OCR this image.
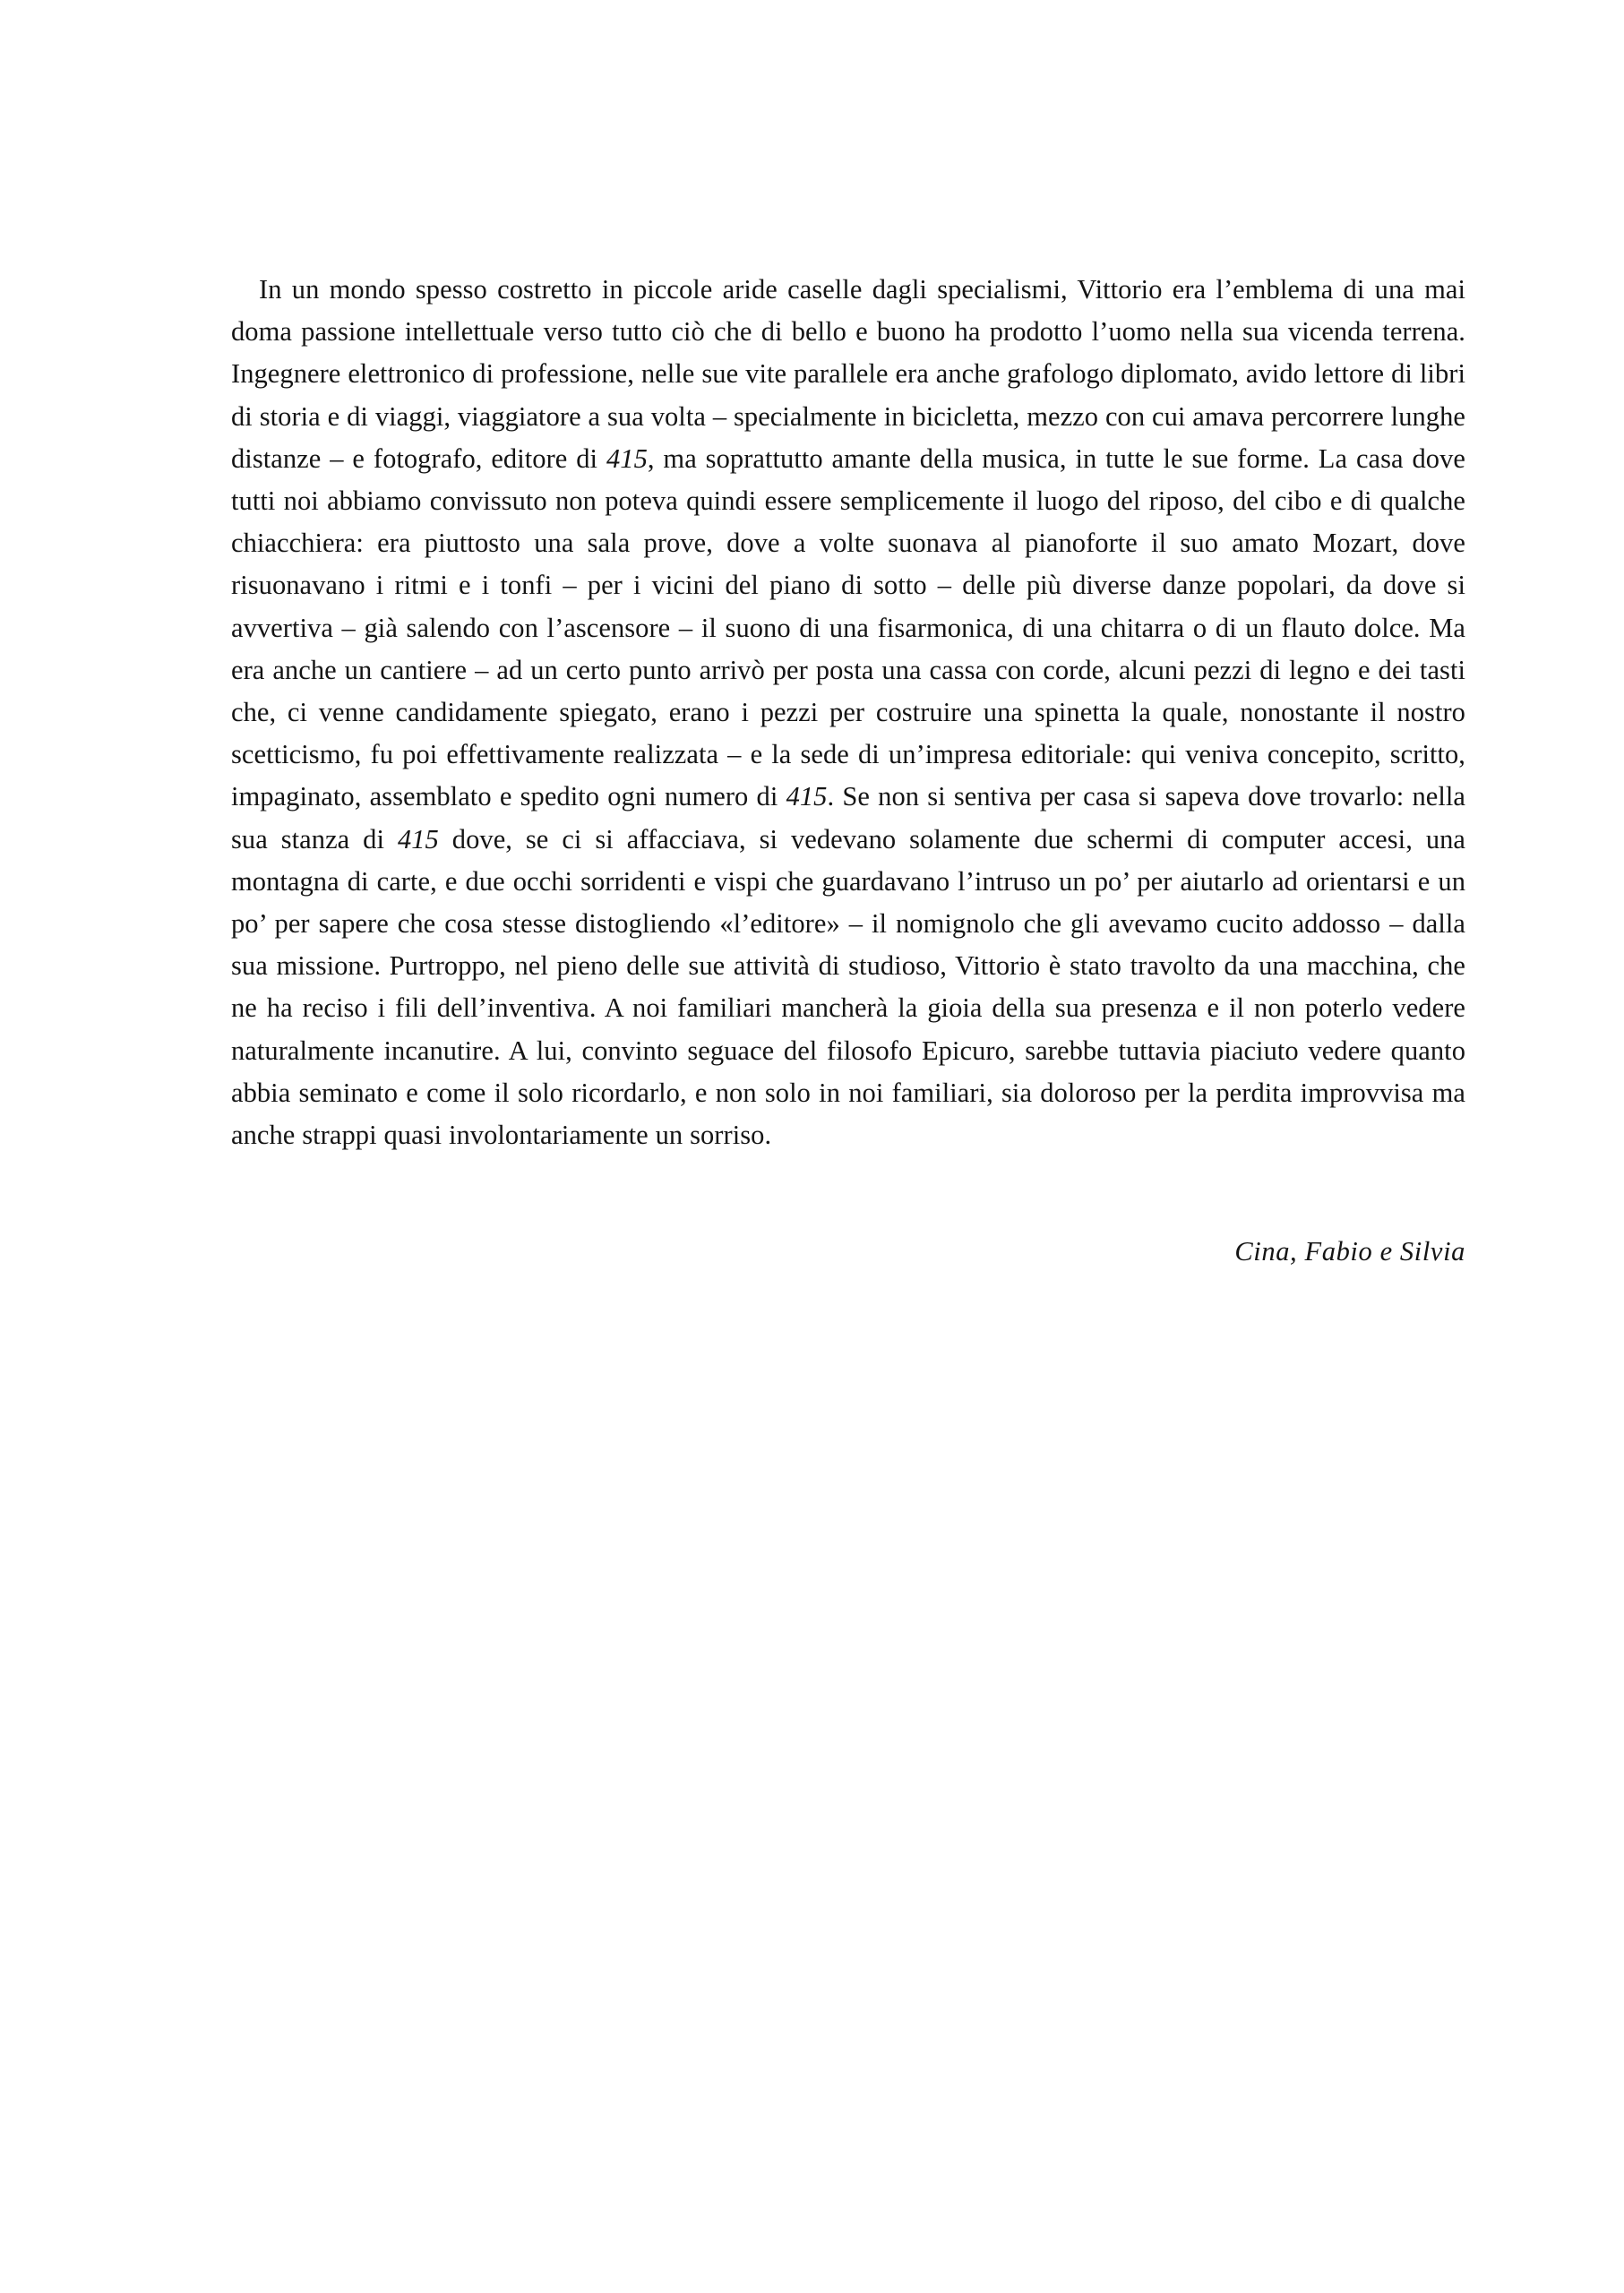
In un mondo spesso costretto in piccole aride caselle dagli specialismi, Vittorio era l’emblema di una mai doma passione intellettuale verso tutto ciò che di bello e buono ha prodotto l’uomo nella sua vicenda terrena. Ingegnere elettronico di professione, nelle sue vite parallele era anche grafologo diplomato, avido lettore di libri di storia e di viaggi, viaggiatore a sua volta – specialmente in bicicletta, mezzo con cui amava percorrere lunghe distanze – e fotografo, editore di 415, ma soprattutto amante della musica, in tutte le sue forme. La casa dove tutti noi abbiamo convissuto non poteva quindi essere semplicemente il luogo del riposo, del cibo e di qualche chiacchiera: era piuttosto una sala prove, dove a volte suonava al pianoforte il suo amato Mozart, dove risuonavano i ritmi e i tonfi – per i vicini del piano di sotto – delle più diverse danze popolari, da dove si avvertiva – già salendo con l’ascensore – il suono di una fisarmonica, di una chitarra o di un flauto dolce. Ma era anche un cantiere – ad un certo punto arrivò per posta una cassa con corde, alcuni pezzi di legno e dei tasti che, ci venne candidamente spiegato, erano i pezzi per costruire una spinetta la quale, nonostante il nostro scetticismo, fu poi effettivamente realizzata – e la sede di un’impresa editoriale: qui veniva concepito, scritto, impaginato, assemblato e spedito ogni numero di 415. Se non si sentiva per casa si sapeva dove trovarlo: nella sua stanza di 415 dove, se ci si affacciava, si vedevano solamente due schermi di computer accesi, una montagna di carte, e due occhi sorridenti e vispi che guardavano l’intruso un po’ per aiutarlo ad orientarsi e un po’ per sapere che cosa stesse distogliendo «l’editore» – il nomignolo che gli avevamo cucito addosso – dalla sua missione. Purtroppo, nel pieno delle sue attività di studioso, Vittorio è stato travolto da una macchina, che ne ha reciso i fili dell’inventiva. A noi familiari mancherà la gioia della sua presenza e il non poterlo vedere naturalmente incanutire. A lui, convinto seguace del filosofo Epicuro, sarebbe tuttavia piaciuto vedere quanto abbia seminato e come il solo ricordarlo, e non solo in noi familiari, sia doloroso per la perdita improvvisa ma anche strappi quasi involontariamente un sorriso.

Cina, Fabio e Silvia
